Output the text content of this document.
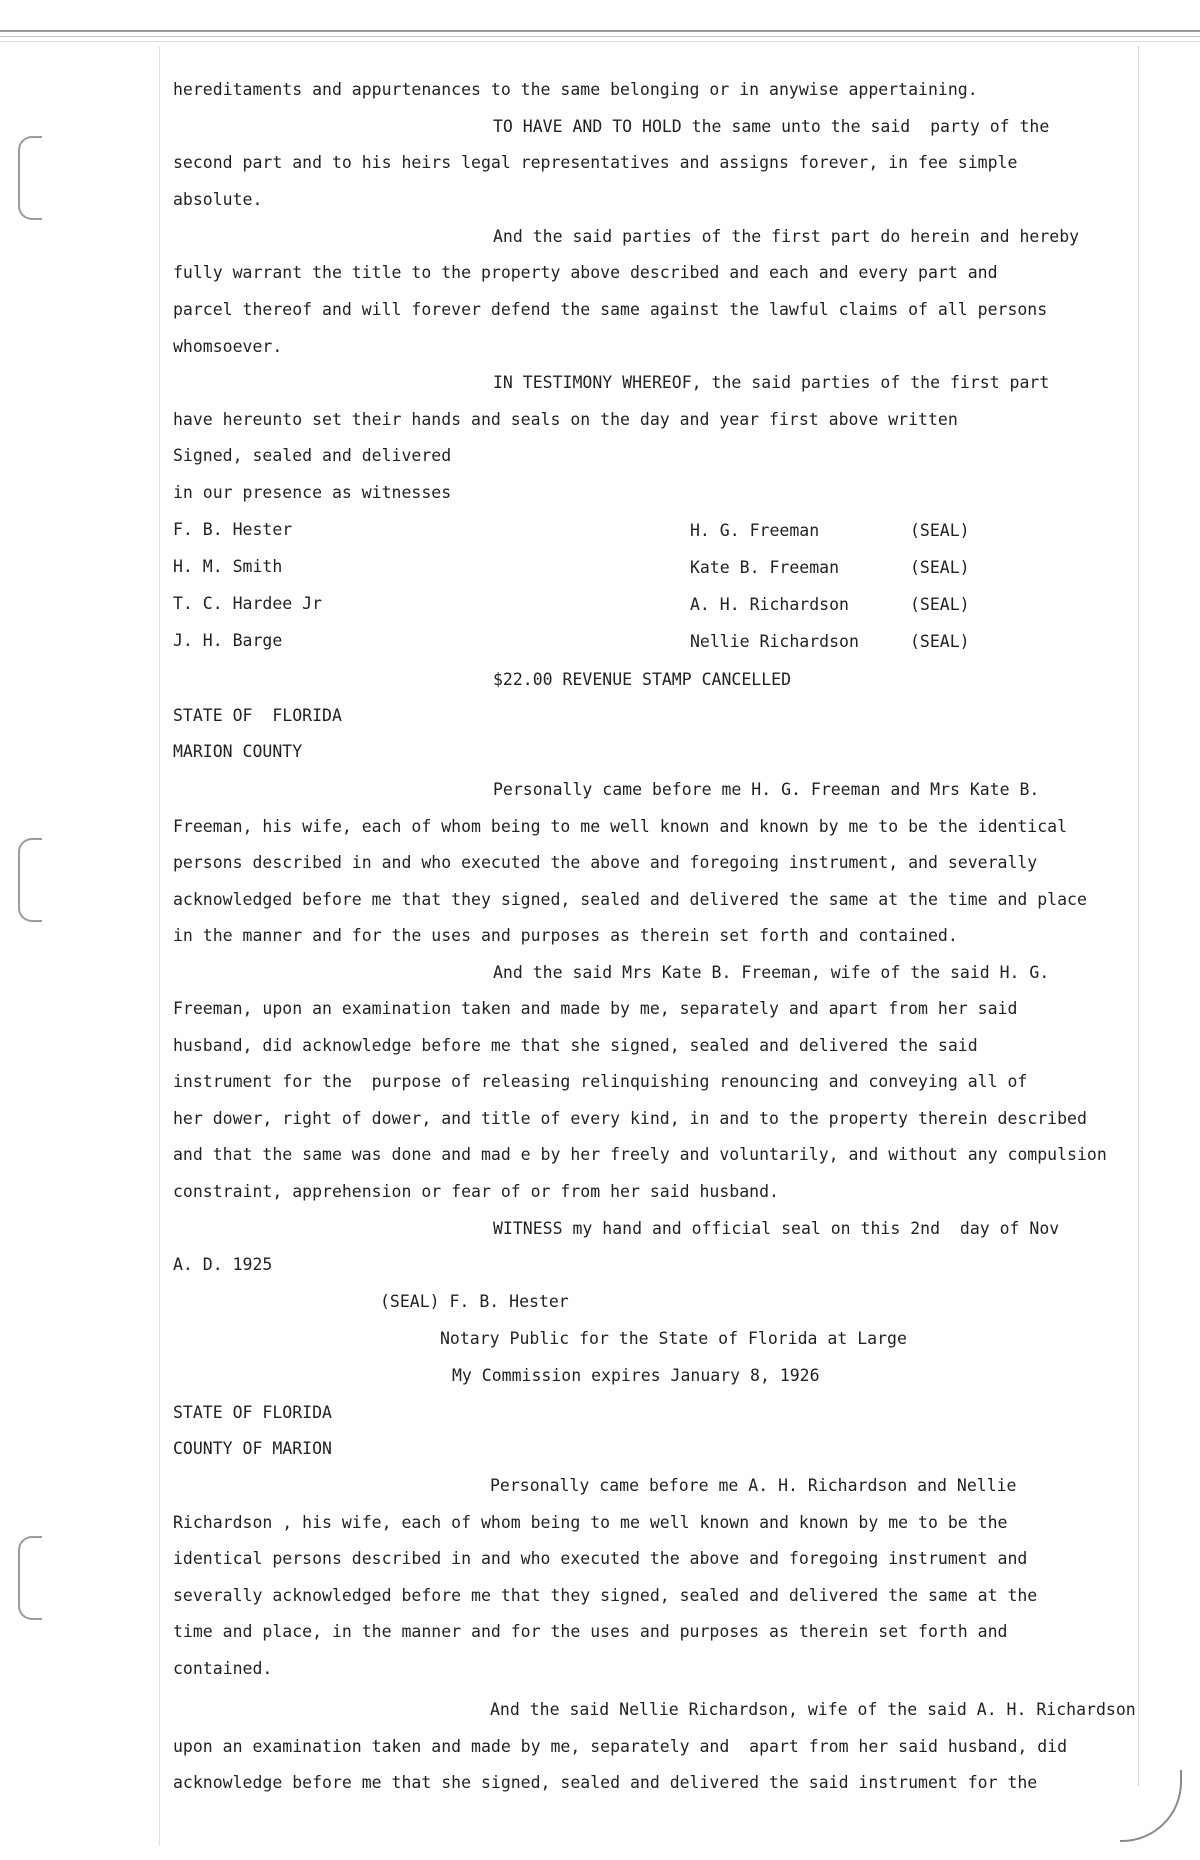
hereditaments and appurtenances to the same belonging or in anywise appertaining.

TO HAVE AND TO HOLD the same unto the said  party of the

second part and to his heirs legal representatives and assigns forever, in fee simple

absolute.

And the said parties of the first part do herein and hereby

fully warrant the title to the property above described and each and every part and

parcel thereof and will forever defend the same against the lawful claims of all persons

whomsoever.

IN TESTIMONY WHEREOF, the said parties of the first part

have hereunto set their hands and seals on the day and year first above written

Signed, sealed and delivered

in our presence as witnesses

F. B. Hester

H. M. Smith

T. C. Hardee Jr

J. H. Barge

H. G. Freeman

Kate B. Freeman

A. H. Richardson

Nellie Richardson

(SEAL)

(SEAL)

(SEAL)

(SEAL)

$22.00 REVENUE STAMP CANCELLED

STATE OF  FLORIDA

MARION COUNTY

Personally came before me H. G. Freeman and Mrs Kate B.

Freeman, his wife, each of whom being to me well known and known by me to be the identical

persons described in and who executed the above and foregoing instrument, and severally

acknowledged before me that they signed, sealed and delivered the same at the time and place

in the manner and for the uses and purposes as therein set forth and contained.

And the said Mrs Kate B. Freeman, wife of the said H. G.

Freeman, upon an examination taken and made by me, separately and apart from her said

husband, did acknowledge before me that she signed, sealed and delivered the said

instrument for the  purpose of releasing relinquishing renouncing and conveying all of

her dower, right of dower, and title of every kind, in and to the property therein described

and that the same was done and mad e by her freely and voluntarily, and without any compulsion

constraint, apprehension or fear of or from her said husband.

WITNESS my hand and official seal on this 2nd  day of Nov

A. D. 1925

(SEAL) F. B. Hester

Notary Public for the State of Florida at Large

My Commission expires January 8, 1926

STATE OF FLORIDA

COUNTY OF MARION

Personally came before me A. H. Richardson and Nellie

Richardson , his wife, each of whom being to me well known and known by me to be the

identical persons described in and who executed the above and foregoing instrument and

severally acknowledged before me that they signed, sealed and delivered the same at the

time and place, in the manner and for the uses and purposes as therein set forth and

contained.

And the said Nellie Richardson, wife of the said A. H. Richardson

upon an examination taken and made by me, separately and  apart from her said husband, did

acknowledge before me that she signed, sealed and delivered the said instrument for the
